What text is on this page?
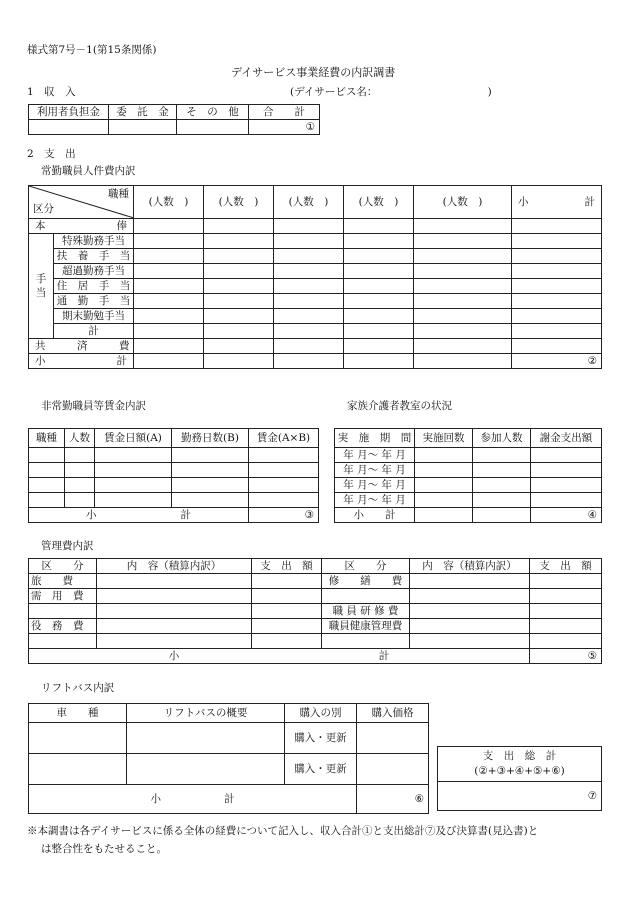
様式第7号－1(第15条関係)
デイサービス事業経費の内訳調書
1　収　入	(デイサービス名：　　　　　　　　　　　)
利用者負担金	委　託　金	そ　の　他	合　　計
			①
2　支　出
常勤職員人件費内訳
職種
区分		(人数　)	(人数　)	(人数　)	(人数　)	(人数　)	小　　　　計
本　　　　俸							
手当	特殊勤務手当						
	扶　養　手　当						
	超過勤務手当						
	住　居　手　当						
	通　勤　手　当						
	期末勤勉手当						
	計						
共　　　済　　　費							
小　　　　計							②
非常勤職員等賃金内訳	家族介護者教室の状況
職種	人数	賃金日額(A)	勤務日数(B)	賃金(A×B)

小　　　　　　　　計				③
実　施　期　間	実施回数	参加人数	謝金支出額
年 月～ 年 月			
年 月～ 年 月			
年 月～ 年 月			
年 月～ 年 月			
小　　計			④
管理費内訳
区　　分	内　容（積算内訳）	支　出　額	区　　分	内　容（積算内訳）	支　出　額
旅　　費			修　　繕　　費		
需　用　費					
			職 員 研 修 費		
役　務　費			職員健康管理費		

小　　　　　　　　　　　　　　　　　　　計					⑤
リフトバス内訳
車　　種	リフトバスの概要	購入の別	購入価格
		購入・更新	
		購入・更新	
小　　　　　　計			⑥
支　出　総　計
(②+③+④+⑤+⑥)

⑦
※本調書は各デイサービスに係る全体の経費について記入し、収入合計①と支出総計⑦及び決算書(見込書)と
は整合性をもたせること。
